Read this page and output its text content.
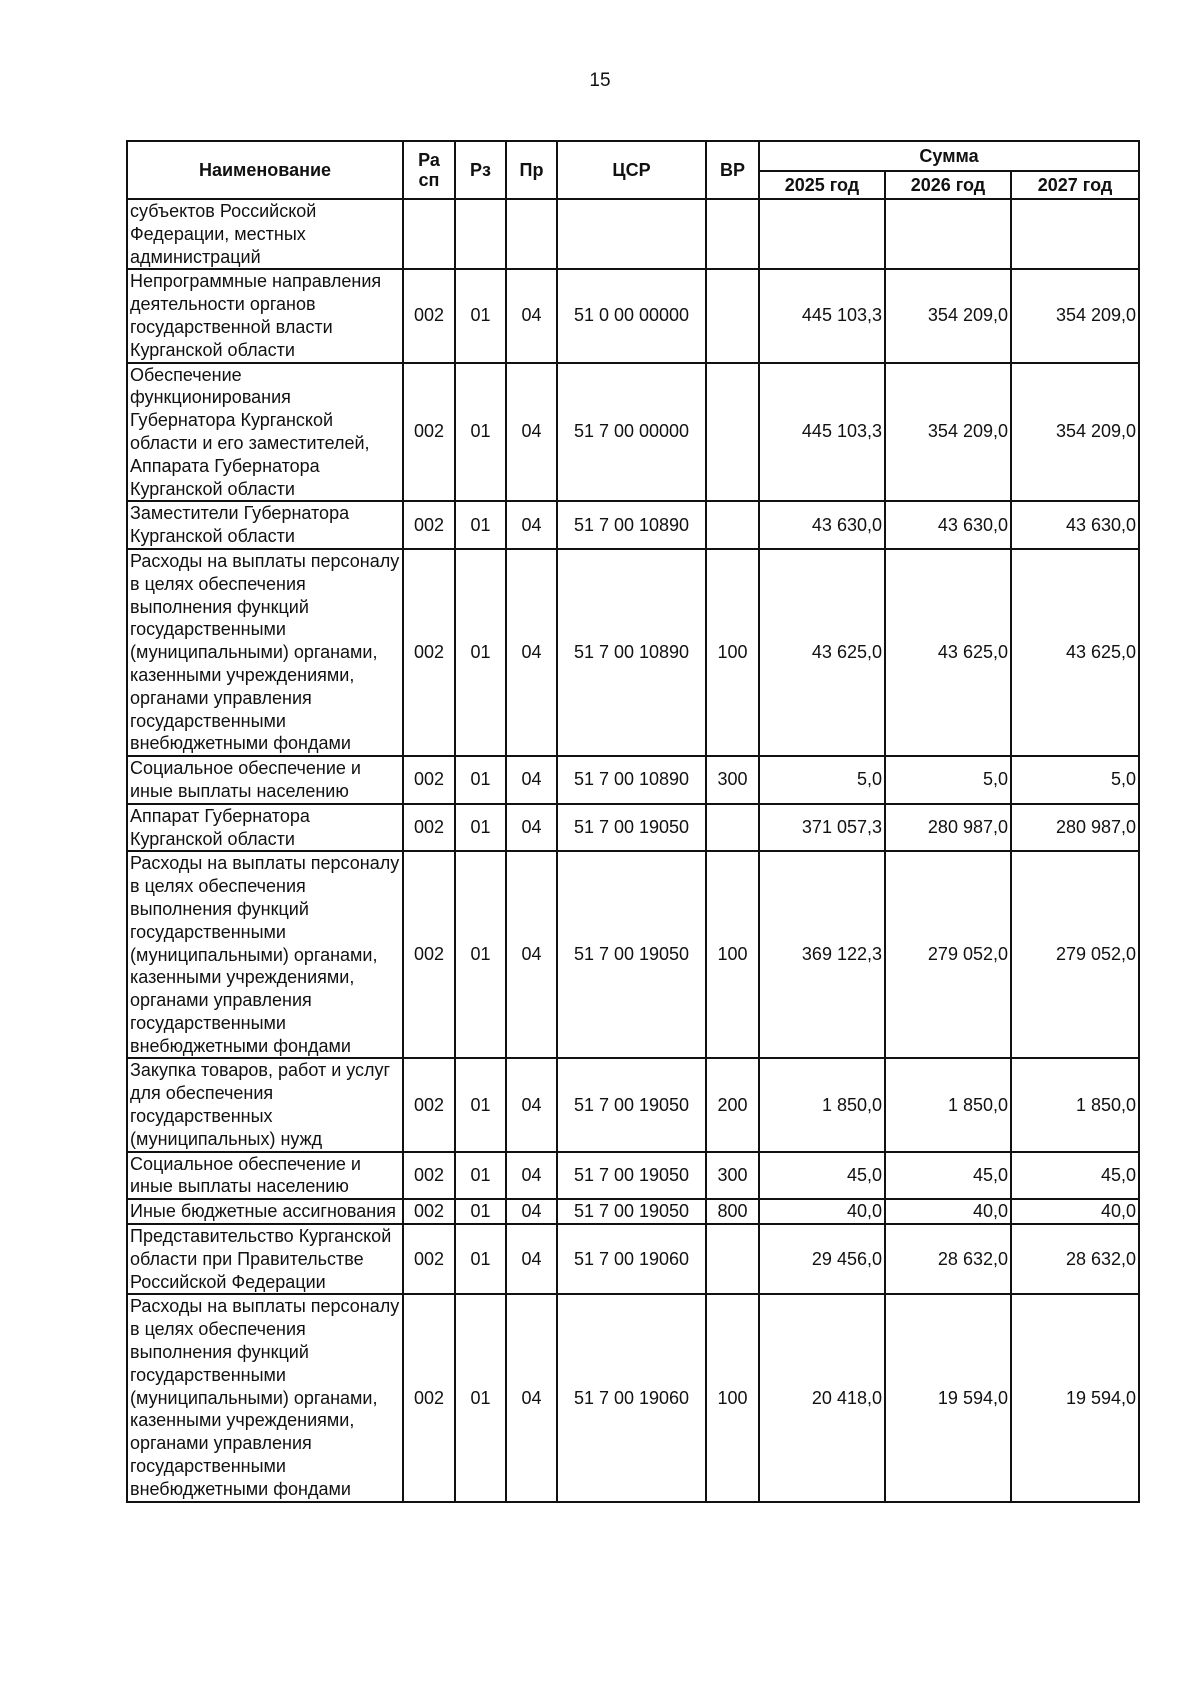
15
Наименование	Ра сп	Рз	Пр	ЦСР	ВР	Сумма		
						2025 год	2026 год	2027 год
субъектов Российской Федерации, местных администраций								
Непрограммные направления деятельности органов государственной власти Курганской области	002	01	04	51 0 00 00000		445 103,3	354 209,0	354 209,0
Обеспечение функционирования Губернатора Курганской области и его заместителей, Аппарата Губернатора Курганской области	002	01	04	51 7 00 00000		445 103,3	354 209,0	354 209,0
Заместители Губернатора Курганской области	002	01	04	51 7 00 10890		43 630,0	43 630,0	43 630,0
Расходы на выплаты персоналу в целях обеспечения выполнения функций государственными (муниципальными) органами, казенными учреждениями, органами управления государственными внебюджетными фондами	002	01	04	51 7 00 10890	100	43 625,0	43 625,0	43 625,0
Социальное обеспечение и иные выплаты населению	002	01	04	51 7 00 10890	300	5,0	5,0	5,0
Аппарат Губернатора Курганской области	002	01	04	51 7 00 19050		371 057,3	280 987,0	280 987,0
Расходы на выплаты персоналу в целях обеспечения выполнения функций государственными (муниципальными) органами, казенными учреждениями, органами управления государственными внебюджетными фондами	002	01	04	51 7 00 19050	100	369 122,3	279 052,0	279 052,0
Закупка товаров, работ и услуг для обеспечения государственных (муниципальных) нужд	002	01	04	51 7 00 19050	200	1 850,0	1 850,0	1 850,0
Социальное обеспечение и иные выплаты населению	002	01	04	51 7 00 19050	300	45,0	45,0	45,0
Иные бюджетные ассигнования	002	01	04	51 7 00 19050	800	40,0	40,0	40,0
Представительство Курганской области при Правительстве Российской Федерации	002	01	04	51 7 00 19060		29 456,0	28 632,0	28 632,0
Расходы на выплаты персоналу в целях обеспечения выполнения функций государственными (муниципальными) органами, казенными учреждениями, органами управления государственными внебюджетными фондами	002	01	04	51 7 00 19060	100	20 418,0	19 594,0	19 594,0
